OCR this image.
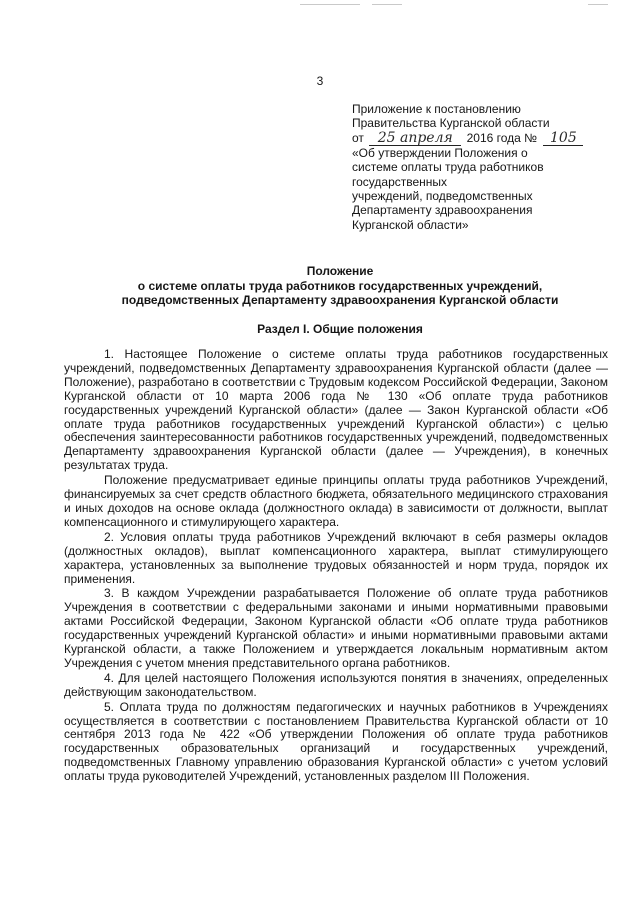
3
Приложение к постановлению
Правительства Курганской области
от 25 апреля 2016 года № 105
«Об утверждении Положения о
системе оплаты труда работников
государственных
учреждений, подведомственных
Департаменту здравоохранения
Курганской области»
Положение
о системе оплаты труда работников государственных учреждений,
подведомственных Департаменту здравоохранения Курганской области
Раздел I. Общие положения

1. Настоящее Положение о системе оплаты труда работников государственных учреждений, подведомственных Департаменту здравоохранения Курганской области (далее — Положение), разработано в соответствии с Трудовым кодексом Российской Федерации, Законом Курганской области от 10 марта 2006 года № 130 «Об оплате труда работников государственных учреждений Курганской области» (далее — Закон Курганской области «Об оплате труда работников государственных учреждений Курганской области») с целью обеспечения заинтересованности работников государственных учреждений, подведомственных Департаменту здравоохранения Курганской области (далее — Учреждения), в конечных результатах труда.

Положение предусматривает единые принципы оплаты труда работников Учреждений, финансируемых за счет средств областного бюджета, обязательного медицинского страхования и иных доходов на основе оклада (должностного оклада) в зависимости от должности, выплат компенсационного и стимулирующего характера.

2. Условия оплаты труда работников Учреждений включают в себя размеры окладов (должностных окладов), выплат компенсационного характера, выплат стимулирующего характера, установленных за выполнение трудовых обязанностей и норм труда, порядок их применения.

3. В каждом Учреждении разрабатывается Положение об оплате труда работников Учреждения в соответствии с федеральными законами и иными нормативными правовыми актами Российской Федерации, Законом Курганской области «Об оплате труда работников государственных учреждений Курганской области» и иными нормативными правовыми актами Курганской области, а также Положением и утверждается локальным нормативным актом Учреждения с учетом мнения представительного органа работников.

4. Для целей настоящего Положения используются понятия в значениях, определенных действующим законодательством.

5. Оплата труда по должностям педагогических и научных работников в Учреждениях осуществляется в соответствии с постановлением Правительства Курганской области от 10 сентября 2013 года № 422 «Об утверждении Положения об оплате труда работников государственных образовательных организаций и государственных учреждений, подведомственных Главному управлению образования Курганской области» с учетом условий оплаты труда руководителей Учреждений, установленных разделом III Положения.
